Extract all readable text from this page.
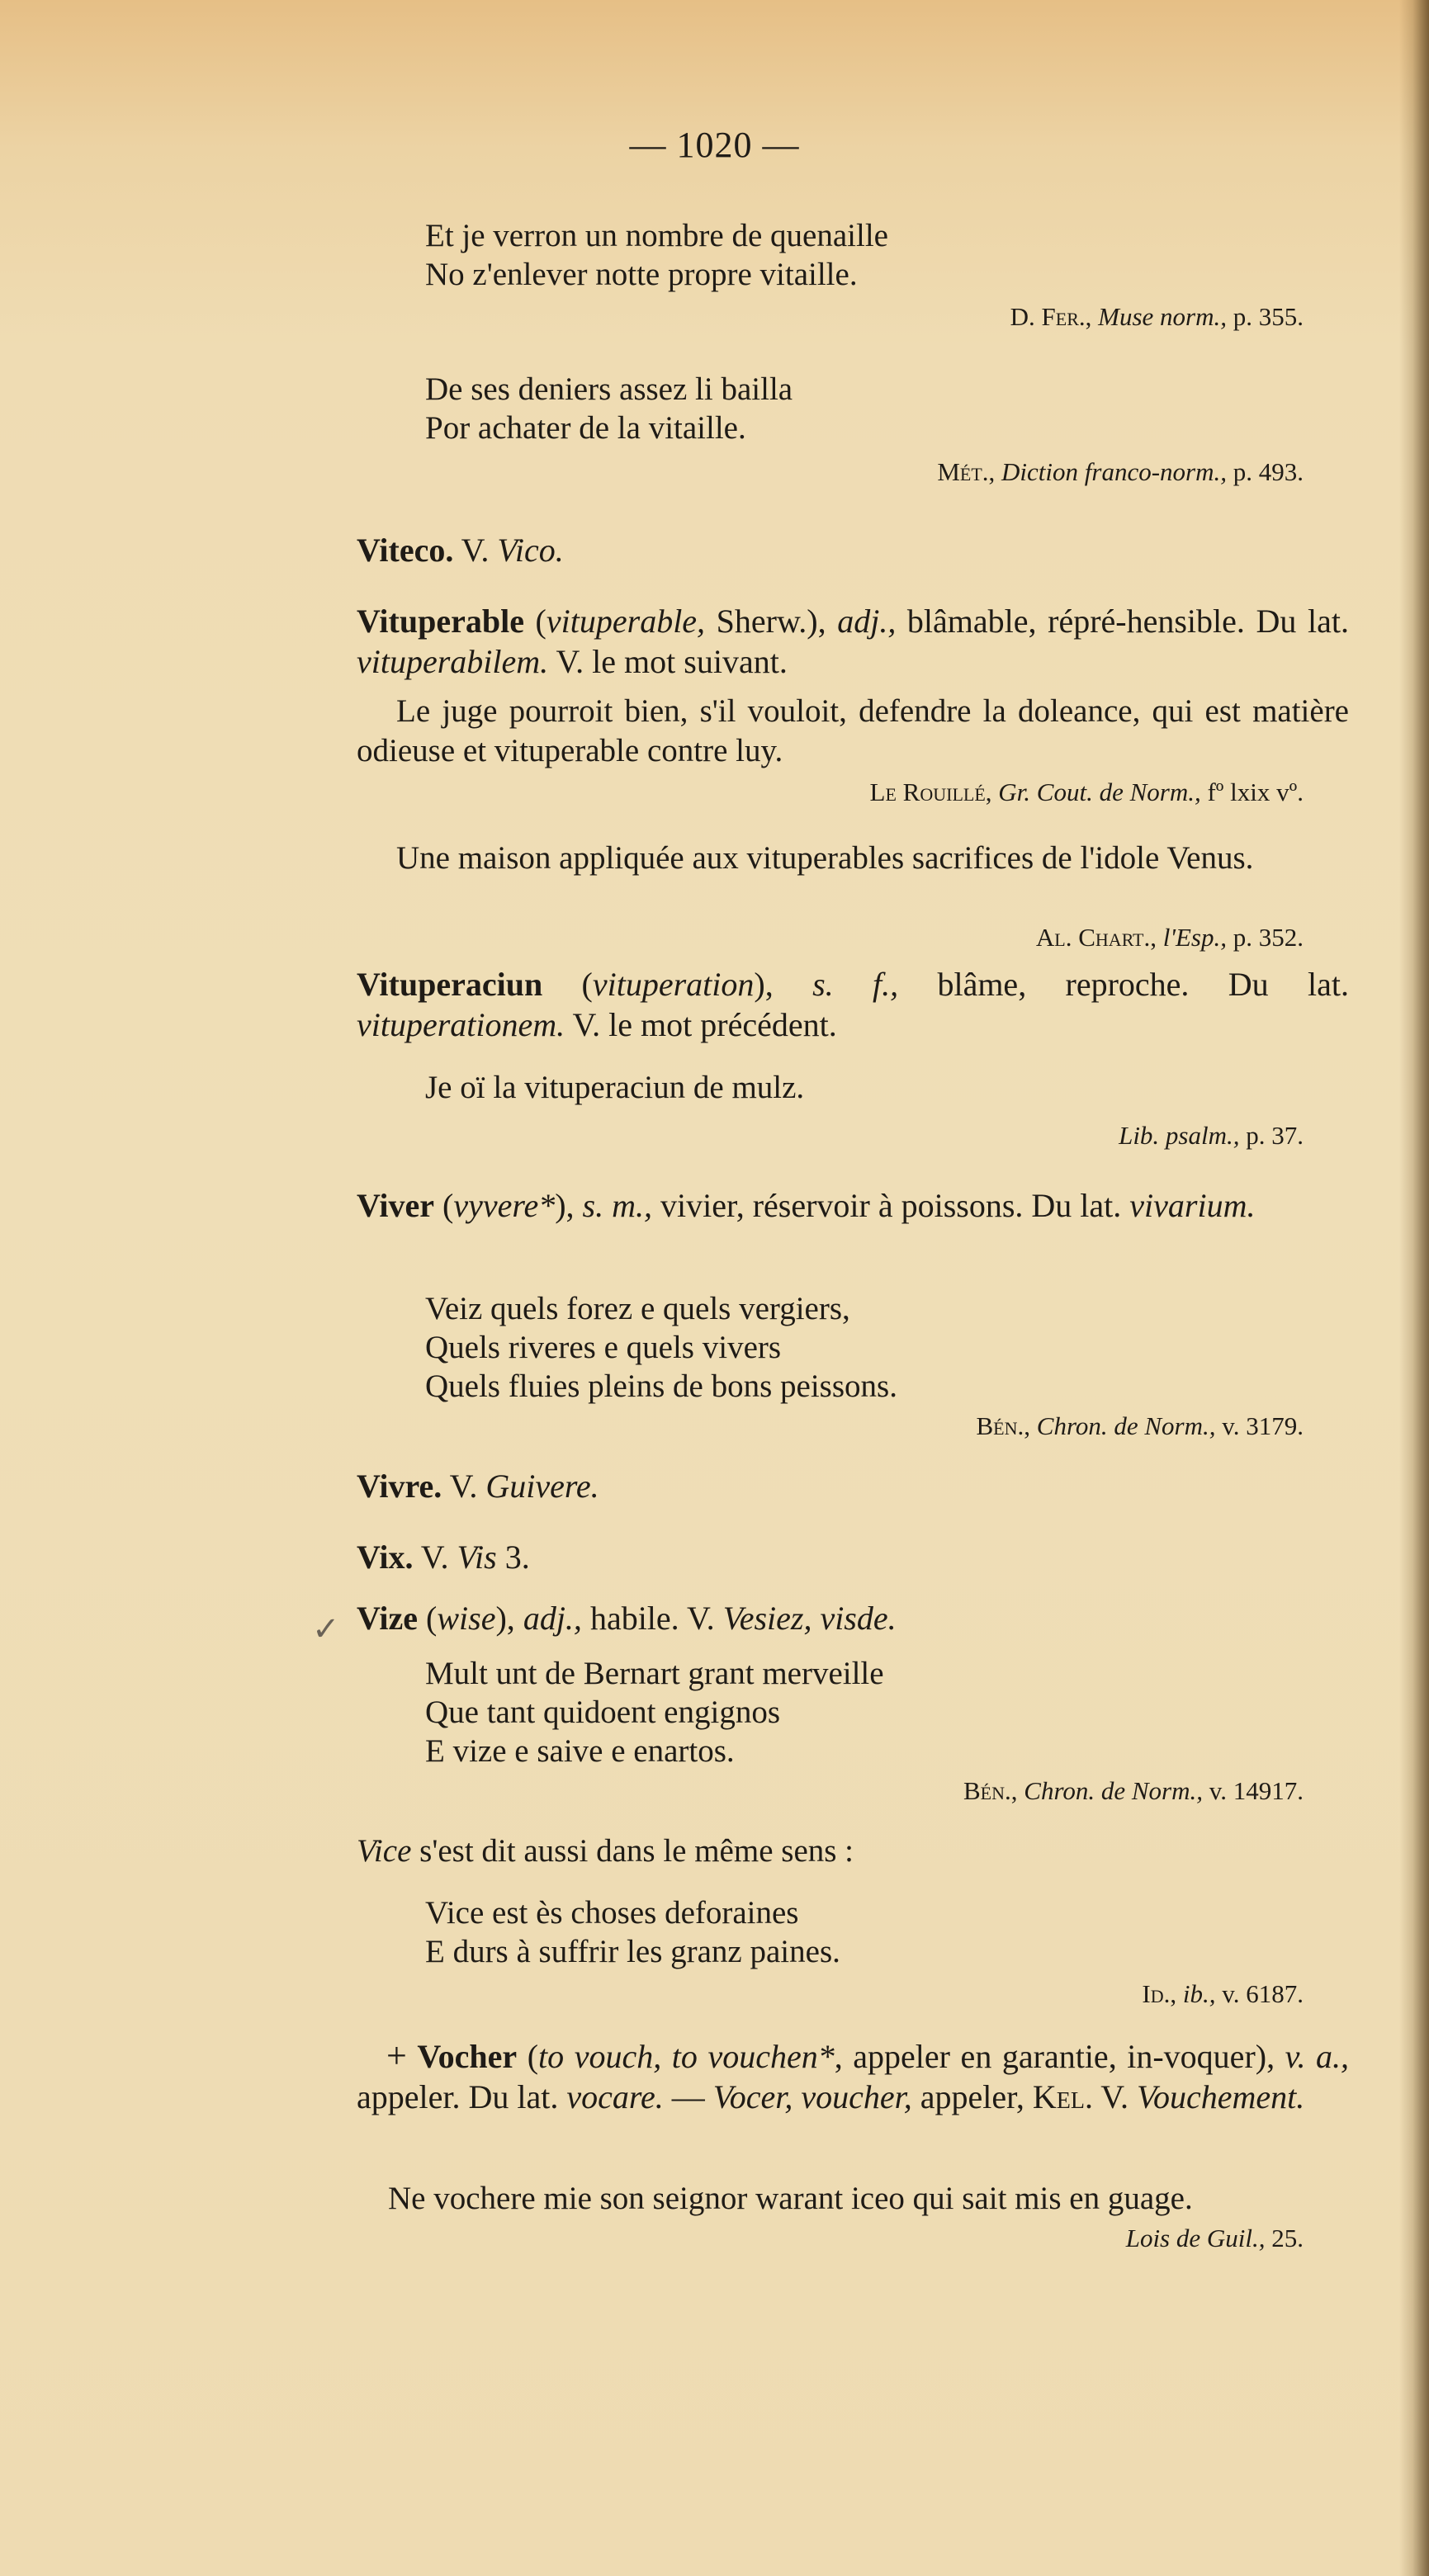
— 1020 —
Et je verron un nombre de quenaille
No z'enlever notte propre vitaille.
D. Fer., Muse norm., p. 355.
De ses deniers assez li bailla
Por achater de la vitaille.
Mét., Diction franco-norm., p. 493.
Viteco. V. Vico.
Vituperable (vituperable, Sherw.), adj., blâmable, répré-hensible. Du lat. vituperabilem. V. le mot suivant.
Le juge pourroit bien, s'il vouloit, defendre la doleance, qui est matière odieuse et vituperable contre luy.
Le Rouillé, Gr. Cout. de Norm., fº lxix vº.
Une maison appliquée aux vituperables sacrifices de l'idole Venus.
Al. Chart., l'Esp., p. 352.
Vituperaciun (vituperation), s. f., blâme, reproche. Du lat. vituperationem. V. le mot précédent.
Je oï la vituperaciun de mulz.
Lib. psalm., p. 37.
Viver (vyvere*), s. m., vivier, réservoir à poissons. Du lat. vivarium.
Veiz quels forez e quels vergiers,
Quels riveres e quels vivers
Quels fluies pleins de bons peissons.
Bén., Chron. de Norm., v. 3179.
Vivre. V. Guivere.
Vix. V. Vis 3.
✓ Vize (wise), adj., habile. V. Vesiez, visde.
Mult unt de Bernart grant merveille
Que tant quidoent engignos
E vize e saive e enartos.
Bén., Chron. de Norm., v. 14917.
Vice s'est dit aussi dans le même sens :
Vice est ès choses deforaines
E durs à suffrir les granz paines.
Id., ib., v. 6187.
+ Vocher (to vouch, to vouchen*, appeler en garantie, in-voquer), v. a., appeler. Du lat. vocare. — Vocer, voucher, appeler, Kel. V. Vouchement.
Ne vochere mie son seignor warant iceo qui sait mis en guage.
Lois de Guil., 25.
